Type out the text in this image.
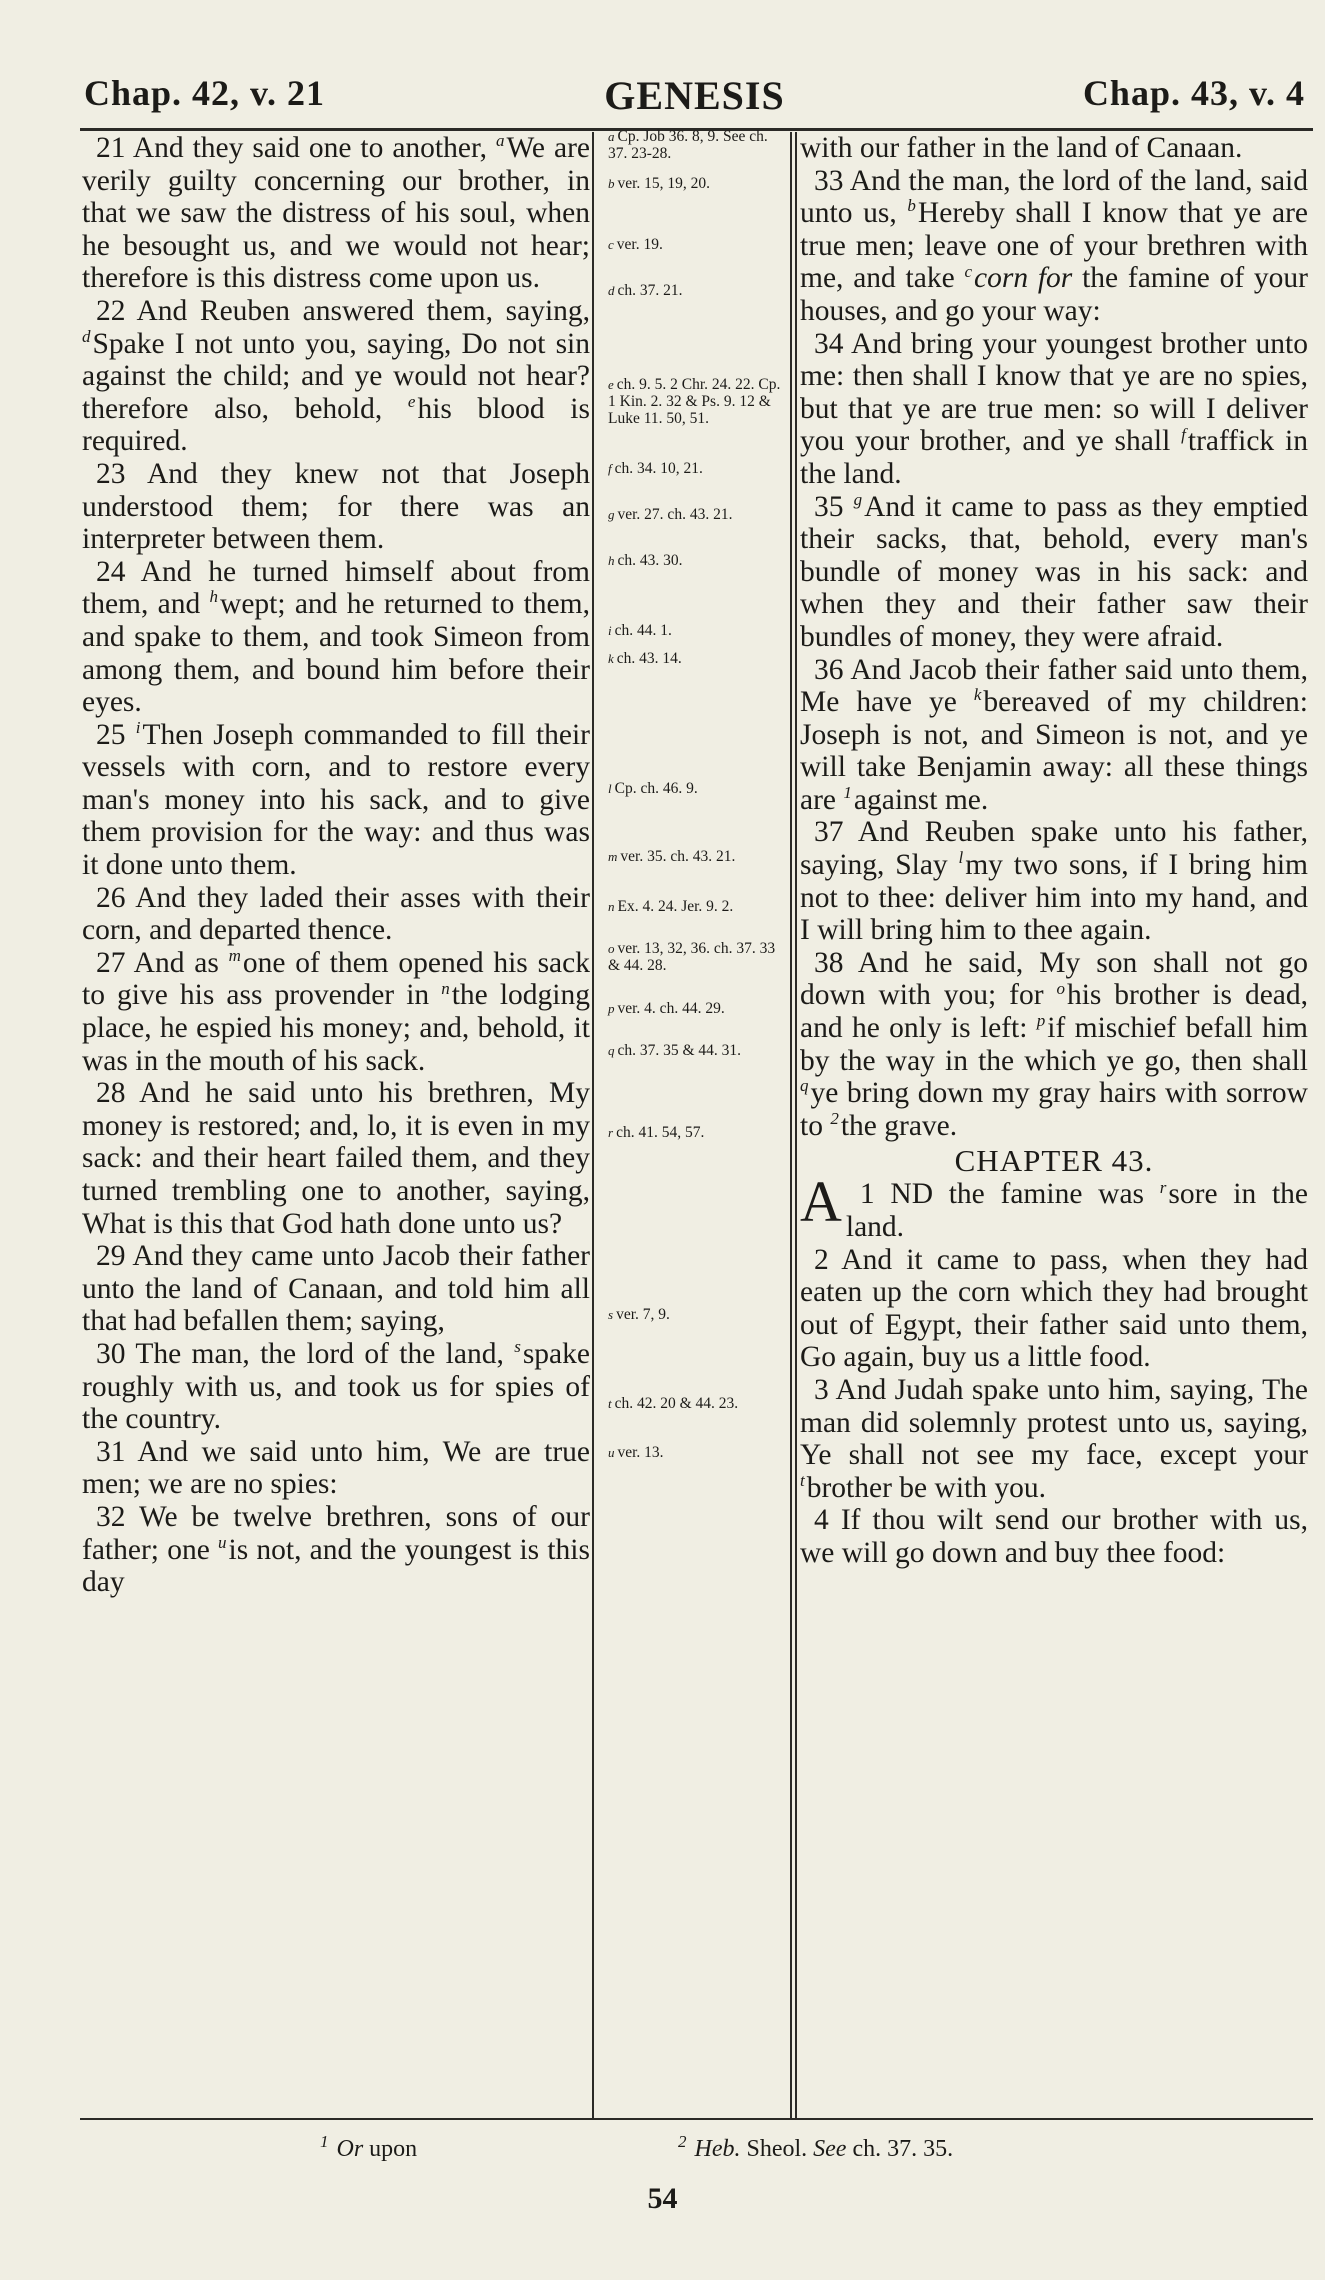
Chap. 42, v. 21	GENESIS	Chap. 43, v. 4

21 And they said one to another, $^a$We are verily guilty concerning our brother, in that we saw the distress of his soul, when he besought us, and we would not hear; therefore is this distress come upon us.

22 And Reuben answered them, saying, $^d$Spake I not unto you, saying, Do not sin against the child; and ye would not hear? therefore also, behold, $^e$his blood is required.

23 And they knew not that Joseph understood them; for there was an interpreter between them.

24 And he turned himself about from them, and $^h$wept; and he returned to them, and spake to them, and took Simeon from among them, and bound him before their eyes.

25 $^i$Then Joseph commanded to fill their vessels with corn, and to restore every man's money into his sack, and to give them provision for the way: and thus was it done unto them.

26 And they laded their asses with their corn, and departed thence.

27 And as $^m$one of them opened his sack to give his ass provender in $^n$the lodging place, he espied his money; and, behold, it was in the mouth of his sack.

28 And he said unto his brethren, My money is restored; and, lo, it is even in my sack: and their heart failed them, and they turned trembling one to another, saying, What is this that God hath done unto us?

29 And they came unto Jacob their father unto the land of Canaan, and told him all that had befallen them; saying,

30 The man, the lord of the land, $^s$spake roughly with us, and took us for spies of the country.

31 And we said unto him, We are true men; we are no spies:

32 We be twelve brethren, sons of our father; one $^u$is not, and the youngest is this day

with our father in the land of Canaan.

33 And the man, the lord of the land, said unto us, $^b$Hereby shall I know that ye are true men; leave one of your brethren with me, and take $^c$corn for the famine of your houses, and go your way:

34 And bring your youngest brother unto me: then shall I know that ye are no spies, but that ye are true men: so will I deliver you your brother, and ye shall $^f$traffick in the land.

35 $^g$And it came to pass as they emptied their sacks, that, behold, every man's bundle of money was in his sack: and when they and their father saw their bundles of money, they were afraid.

36 And Jacob their father said unto them, Me have ye $^k$bereaved of my children: Joseph is not, and Simeon is not, and ye will take Benjamin away: all these things are $^1$against me.

37 And Reuben spake unto his father, saying, Slay $^l$my two sons, if I bring him not to thee: deliver him into my hand, and I will bring him to thee again.

38 And he said, My son shall not go down with you; for $^o$his brother is dead, and he only is left: $^p$if mischief befall him by the way in the which ye go, then shall $^q$ye bring down my gray hairs with sorrow to $^2$the grave.

CHAPTER 43.

1
A ND the famine was $^r$sore in the land.

2 And it came to pass, when they had eaten up the corn which they had brought out of Egypt, their father said unto them, Go again, buy us a little food.

3 And Judah spake unto him, saying, The man did solemnly protest unto us, saying, Ye shall not see my face, except your $^t$brother be with you.

4 If thou wilt send our brother with us, we will go down and buy thee food:

$^1$ Or upon	$^2$ Heb. Sheol. See ch. 37. 35.
54
a Cp. Job 36. 8, 9. See ch. 37. 23-28.
b ver. 15, 19, 20.
c ver. 19.
d ch. 37. 21.
e ch. 9. 5. 2 Chr. 24. 22. Cp. 1 Kin. 2. 32 & Ps. 9. 12 & Luke 11. 50, 51.
f ch. 34. 10, 21.
g ver. 27. ch. 43. 21.
h ch. 43. 30.
i ch. 44. 1.
k ch. 43. 14.
l Cp. ch. 46. 9.
m ver. 35. ch. 43. 21.
n Ex. 4. 24. Jer. 9. 2.
o ver. 13, 32, 36. ch. 37. 33 & 44. 28.
p ver. 4. ch. 44. 29.
q ch. 37. 35 & 44. 31.
r ch. 41. 54, 57.
s ver. 7, 9.
t ch. 42. 20 & 44. 23.
u ver. 13.
